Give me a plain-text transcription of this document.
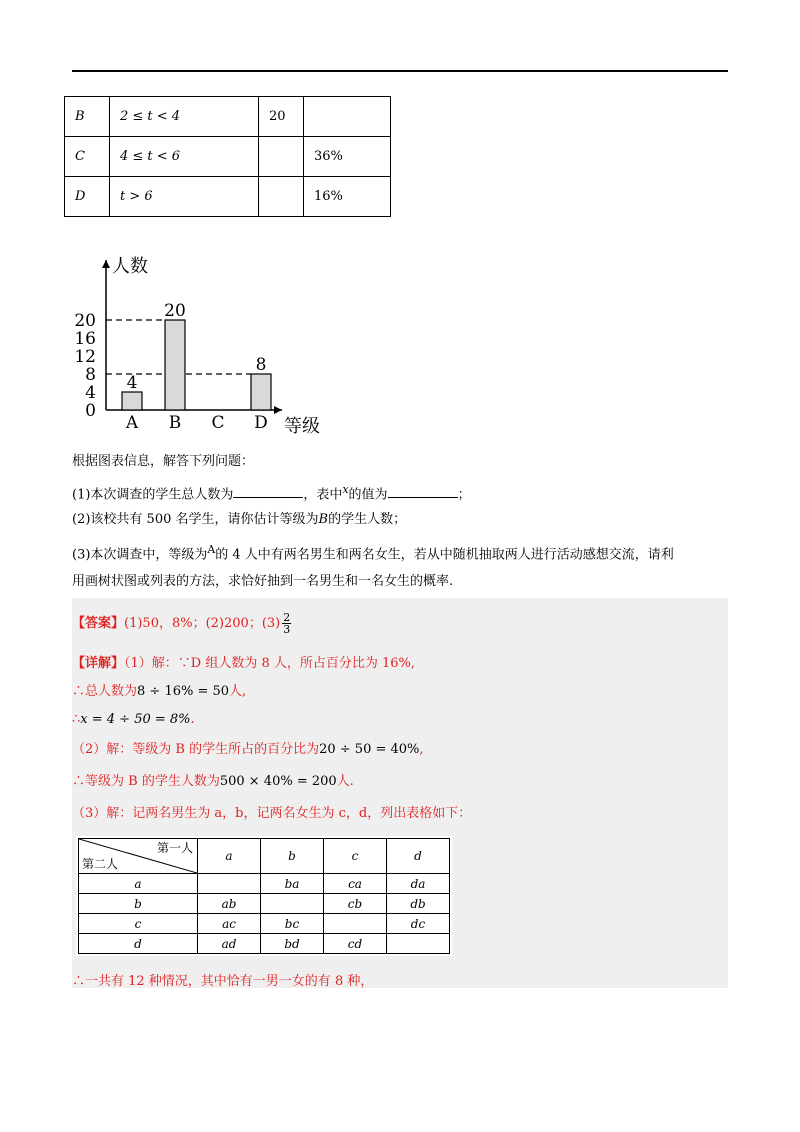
B	2 ≤ t < 4	20	
C	4 ≤ t < 6		36%
D	t > 6		16%
人数
等级
0
4
8
12
16
20
4
A
20
B C
8
D
根据图表信息，解答下列问题：
(1)本次调查的学生总人数为	，表中$^x$的值为	；
(2)该校共有 500 名学生，请你估计等级为B的学生人数；
(3)本次调查中，等级为$^A$的 4 人中有两名男生和两名女生，若从中随机抽取两人进行活动感想交流，请利
用画树状图或列表的方法，求恰好抽到一名男生和一名女生的概率.
【答案】(1)50，8%；(2)200；$(3) \frac{2}{3}$
【详解】（1）解：∵D 组人数为 8 人，所占百分比为 16%,
∴总人数为8 ÷ 16% = 50人,
∴x = 4 ÷ 50 = 8%.
（2）解：等级为 B 的学生所占的百分比为20 ÷ 50 = 40%,
∴等级为 B 的学生人数为500 × 40% = 200人.
（3）解：记两名男生为 a，b，记两名女生为 c，d，列出表格如下：
第一人
第二人	a	b	c	d
a		ba	ca	da
b	ab		cb	db
c	ac	bc		dc
d	ad	bd	cd	
∴一共有 12 种情况，其中恰有一男一女的有 8 种，
